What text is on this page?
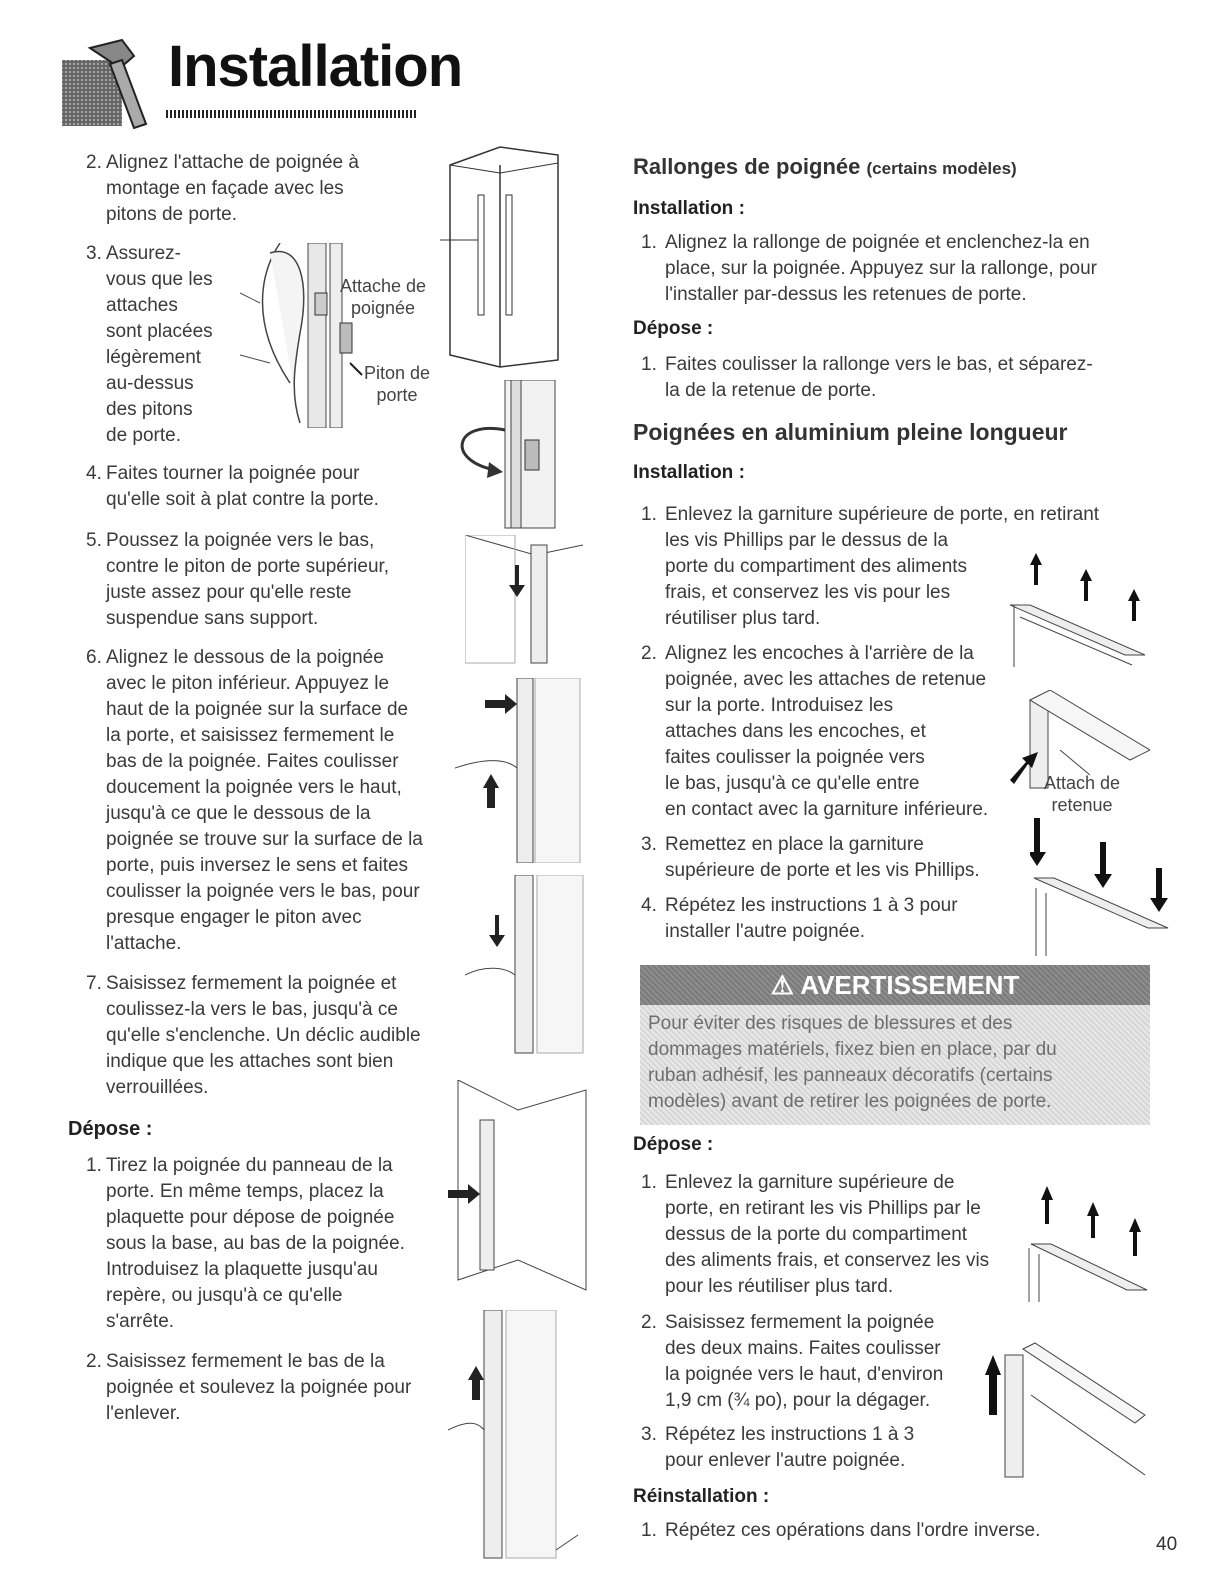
Installation
2. Alignez l'attache de poignée à
montage en façade avec les
pitons de porte.
3. Assurez-
vous que les
attaches
sont placées
légèrement
au-dessus
des pitons
de porte.
4. Faites tourner la poignée pour
qu'elle soit à plat contre la porte.
5. Poussez la poignée vers le bas,
contre le piton de porte supérieur,
juste assez pour qu'elle reste
suspendue sans support.
6. Alignez le dessous de la poignée
avec le piton inférieur. Appuyez le
haut de la poignée sur la surface de
la porte, et saisissez fermement le
bas de la poignée. Faites coulisser
doucement la poignée vers le haut,
jusqu'à ce que le dessous de la
poignée se trouve sur la surface de la
porte, puis inversez le sens et faites
coulisser la poignée vers le bas, pour
presque engager le piton avec
l'attache.
7. Saisissez fermement la poignée et
coulissez-la vers le bas, jusqu'à ce
qu'elle s'enclenche. Un déclic audible
indique que les attaches sont bien
verrouillées.
Dépose :
1. Tirez la poignée du panneau de la
porte. En même temps, placez la
plaquette pour dépose de poignée
sous la base, au bas de la poignée.
Introduisez la plaquette jusqu'au
repère, ou jusqu'à ce qu'elle
s'arrête.
2. Saisissez fermement le bas de la
poignée et soulevez la poignée pour
l'enlever.
Attache de
poignée
Piton de
porte
Rallonges de poignée (certains modèles)
Installation :
1. Alignez la rallonge de poignée et enclenchez-la en
place, sur la poignée. Appuyez sur la rallonge, pour
l'installer par-dessus les retenues de porte.
Dépose :
1. Faites coulisser la rallonge vers le bas, et séparez-
la de la retenue de porte.
Poignées en aluminium pleine longueur
Installation :
1. Enlevez la garniture supérieure de porte, en retirant
les vis Phillips par le dessus de la
porte du compartiment des aliments
frais, et conservez les vis pour les
réutiliser plus tard.
2. Alignez les encoches à l'arrière de la
poignée, avec les attaches de retenue
sur la porte. Introduisez les
attaches dans les encoches, et
faites coulisser la poignée vers
le bas, jusqu'à ce qu'elle entre
en contact avec la garniture inférieure.
3. Remettez en place la garniture
supérieure de porte et les vis Phillips.
4. Répétez les instructions 1 à 3 pour
installer l'autre poignée.
Attach de
retenue
⚠ AVERTISSEMENT
Pour éviter des risques de blessures et des
dommages matériels, fixez bien en place, par du
ruban adhésif, les panneaux décoratifs (certains
modèles) avant de retirer les poignées de porte.
Dépose :
1. Enlevez la garniture supérieure de
porte, en retirant les vis Phillips par le
dessus de la porte du compartiment
des aliments frais, et conservez les vis
pour les réutiliser plus tard.
2. Saisissez fermement la poignée
des deux mains. Faites coulisser
la poignée vers le haut, d'environ
1,9 cm (¾ po), pour la dégager.
3. Répétez les instructions 1 à 3
pour enlever l'autre poignée.
Réinstallation :
1. Répétez ces opérations dans l'ordre inverse.
40
